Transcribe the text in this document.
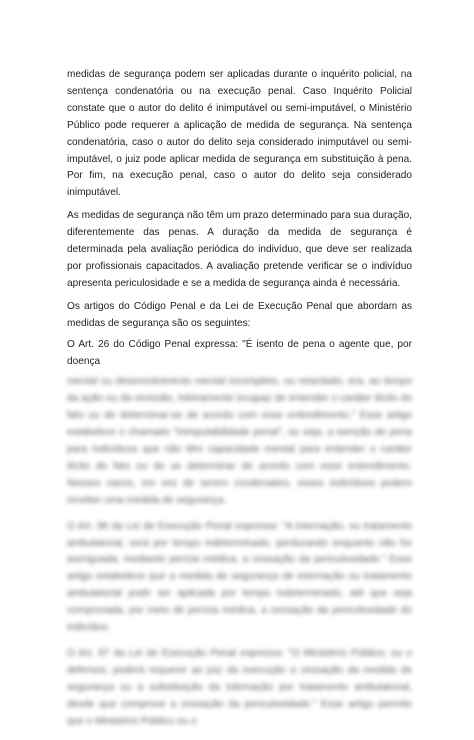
medidas de segurança podem ser aplicadas durante o inquérito policial, na sentença condenatória ou na execução penal. Caso Inquérito Policial constate que o autor do delito é inimputável ou semi-imputável, o Ministério Público pode requerer a aplicação de medida de segurança. Na sentença condenatória, caso o autor do delito seja considerado inimputável ou semi-imputável, o juiz pode aplicar medida de segurança em substituição à pena. Por fim, na execução penal, caso o autor do delito seja considerado inimputável.

As medidas de segurança não têm um prazo determinado para sua duração, diferentemente das penas. A duração da medida de segurança é determinada pela avaliação periódica do indivíduo, que deve ser realizada por profissionais capacitados. A avaliação pretende verificar se o indivíduo apresenta periculosidade e se a medida de segurança ainda é necessária.

Os artigos do Código Penal e da Lei de Execução Penal que abordam as medidas de segurança são os seguintes:

O Art. 26 do Código Penal expressa: "É isento de pena o agente que, por doença

mental ou desenvolvimento mental incompleto, ou retardado, era, ao tempo da ação ou da omissão, inteiramente incapaz de entender o caráter ilícito do fato ou de determinar-se de acordo com esse entendimento." Esse artigo estabelece o chamado "inimputabilidade penal", ou seja, a isenção de pena para indivíduos que não têm capacidade mental para entender o caráter ilícito do fato ou de se determinar de acordo com esse entendimento. Nesses casos, em vez de serem condenados, esses indivíduos podem receber uma medida de segurança.

O Art. 96 da Lei de Execução Penal expressa: "A internação, ou tratamento ambulatorial, será por tempo indeterminado, perdurando enquanto não for averiguada, mediante perícia médica, a cessação da periculosidade." Esse artigo estabelece que a medida de segurança de internação ou tratamento ambulatorial pode ser aplicada por tempo indeterminado, até que seja comprovada, por meio de perícia médica, a cessação da periculosidade do indivíduo.

O Art. 97 da Lei de Execução Penal expressa: "O Ministério Público, ou o defensor, poderá requerer ao juiz da execução a cessação da medida de segurança ou a substituição da internação por tratamento ambulatorial, desde que comprove a cessação da periculosidade." Esse artigo permite que o Ministério Público ou o
